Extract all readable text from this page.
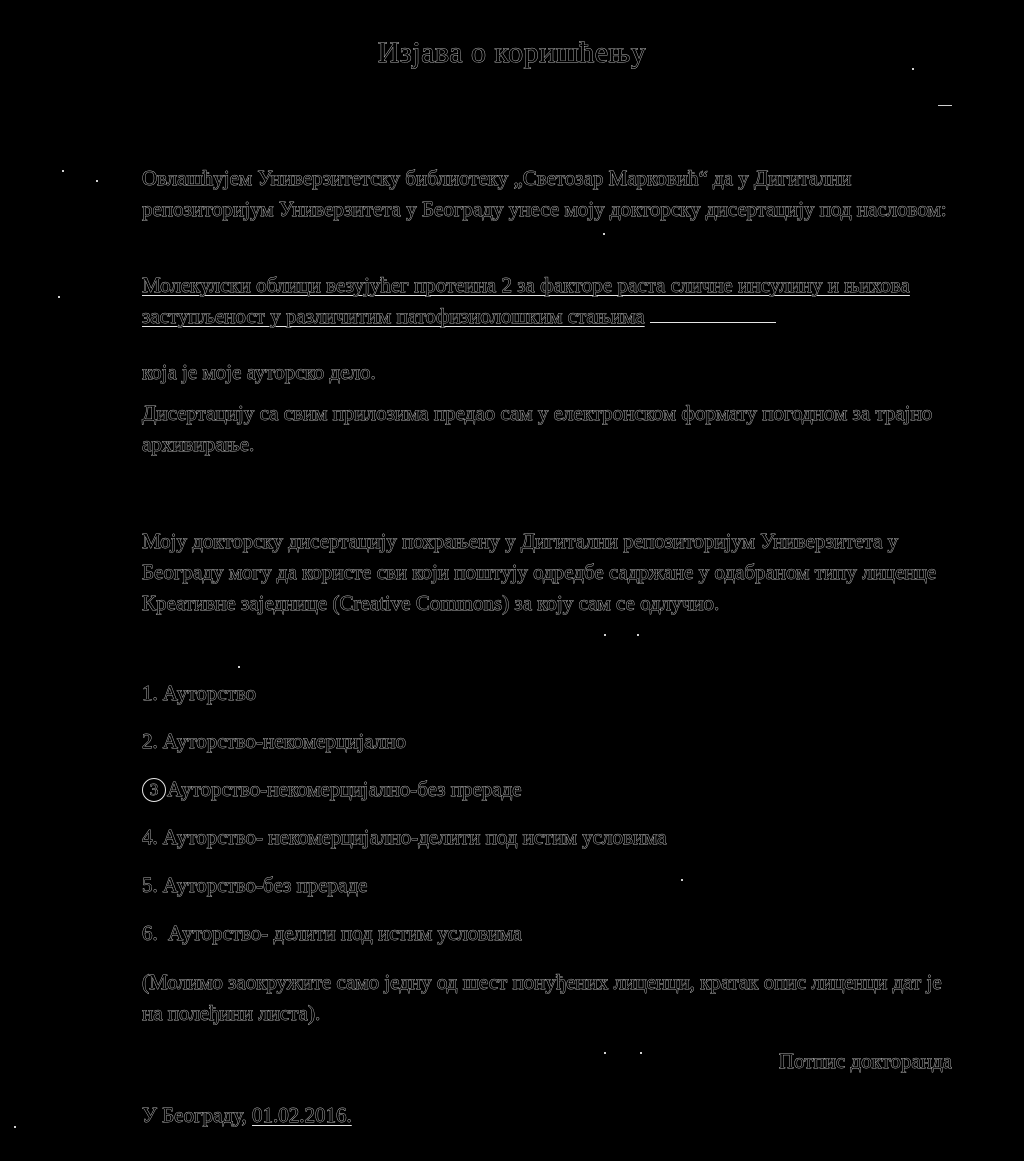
Изјава о коришћењу
Овлашћујем Универзитетску библиотеку „Светозар Марковић“ да у Дигитални репозиторијум Универзитета у Београду унесе моју докторску дисертацију под насловом:
Молекулски облици везујућег протеина 2 за факторе раста сличне инсулину и њихова заступљеност у различитим патофизиолошким стањима
која је моје ауторско дело.
Дисертацију са свим прилозима предао сам у електронском формату погодном за трајно архивирање.
Моју докторску дисертацију похрањену у Дигитални репозиторијум Универзитета у Београду могу да користе сви који поштују одредбе садржане у одабраном типу лиценце Креативне заједнице (Creative Commons) за коју сам се одлучио.
1. Ауторство
2. Ауторство-некомерцијално
3 Ауторство-некомерцијално-без прераде
4. Ауторство- некомерцијално-делити под истим условима
5. Ауторство-без прераде
6. Ауторство- делити под истим условима
(Молимо заокружите само једну од шест понуђених лиценци, кратак опис лиценци дат је на полеђини листа).
Потпис докторанда
У Београду, 01.02.2016.
